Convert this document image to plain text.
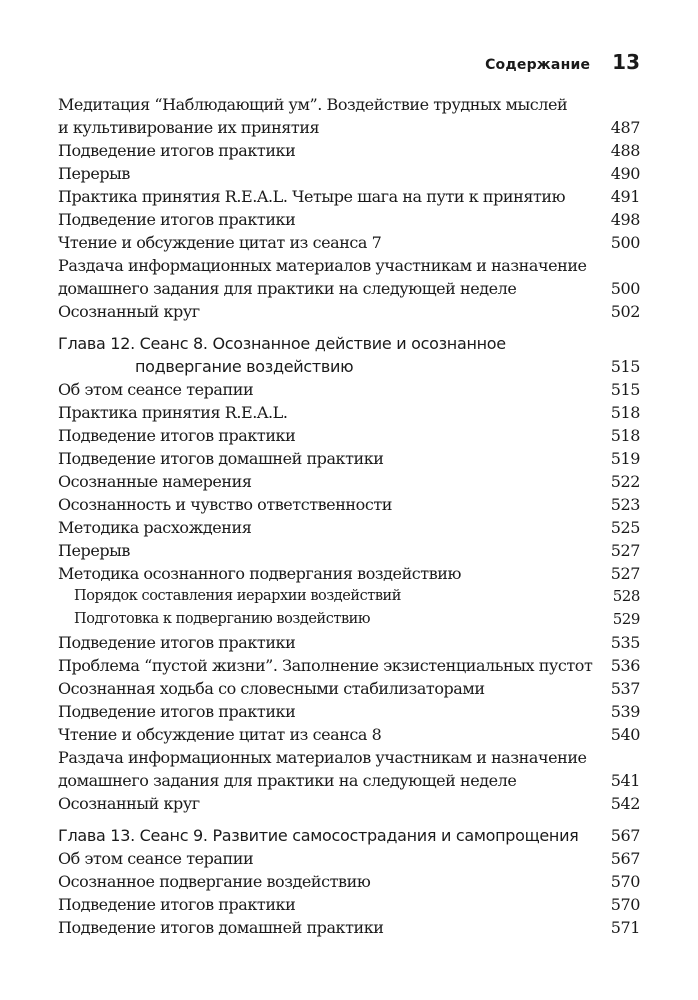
Содержание 13
Медитация “Наблюдающий ум”. Воздействие трудных мыслей
и культивирование их принятия	487
Подведение итогов практики	488
Перерыв	490
Практика принятия R.E.A.L. Четыре шага на пути к принятию	491
Подведение итогов практики	498
Чтение и обсуждение цитат из сеанса 7	500
Раздача информационных материалов участникам и назначение
домашнего задания для практики на следующей неделе	500
Осознанный круг	502
Глава 12. Сеанс 8. Осознанное действие и осознанное
подвергание воздействию	515
Об этом сеансе терапии	515
Практика принятия R.E.A.L.	518
Подведение итогов практики	518
Подведение итогов домашней практики	519
Осознанные намерения	522
Осознанность и чувство ответственности	523
Методика расхождения	525
Перерыв	527
Методика осознанного подвергания воздействию	527
Порядок составления иерархии воздействий	528
Подготовка к подверганию воздействию	529
Подведение итогов практики	535
Проблема “пустой жизни”. Заполнение экзистенциальных пустот	536
Осознанная ходьба со словесными стабилизаторами	537
Подведение итогов практики	539
Чтение и обсуждение цитат из сеанса 8	540
Раздача информационных материалов участникам и назначение
домашнего задания для практики на следующей неделе	541
Осознанный круг	542
Глава 13. Сеанс 9. Развитие самосострадания и самопрощения	567
Об этом сеансе терапии	567
Осознанное подвергание воздействию	570
Подведение итогов практики	570
Подведение итогов домашней практики	571
